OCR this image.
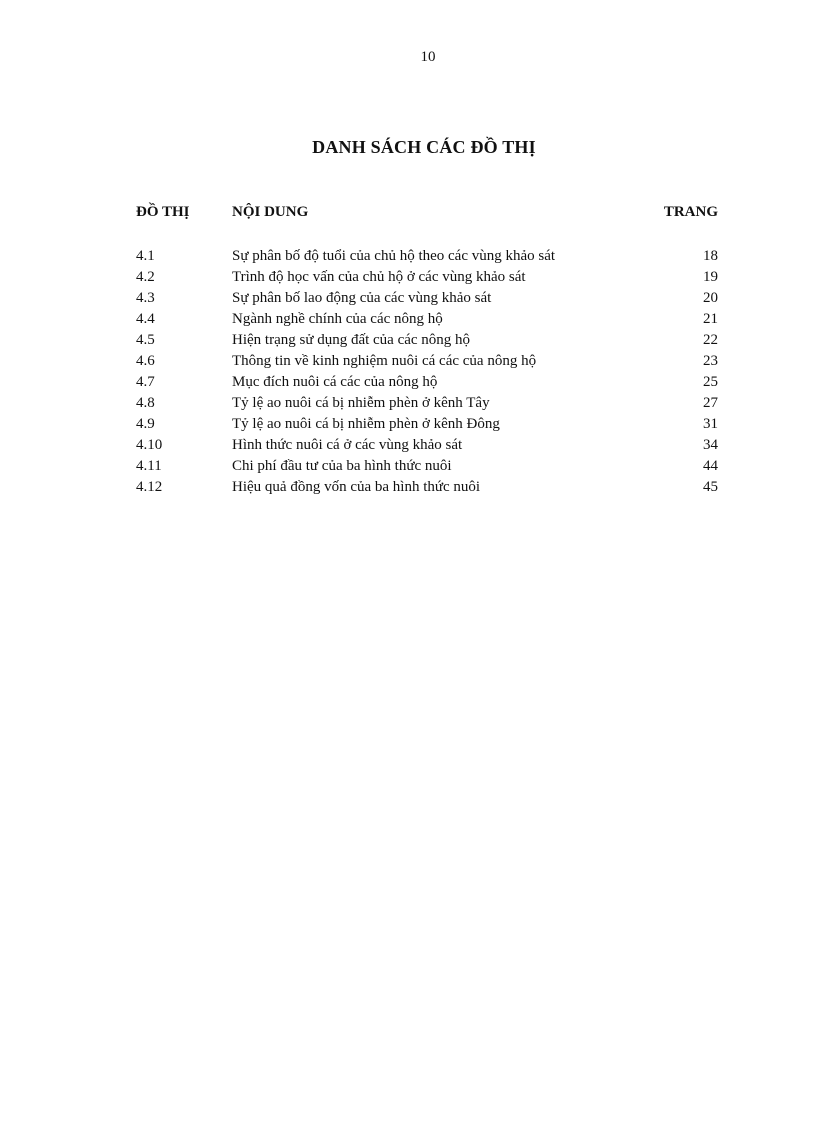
10
DANH SÁCH CÁC ĐỒ THỊ
ĐỒ THỊ	NỘI DUNG	TRANG
4.1	Sự phân bố độ tuổi của chủ hộ theo các vùng khảo sát	18
4.2	Trình độ học vấn của chủ hộ ở các vùng khảo sát	19
4.3	Sự phân bố lao động của các vùng khảo sát	20
4.4	Ngành nghề chính của các nông hộ	21
4.5	Hiện trạng sử dụng đất của các nông hộ	22
4.6	Thông tin về kinh nghiệm nuôi cá các của nông hộ	23
4.7	Mục đích nuôi cá các của nông hộ	25
4.8	Tỷ lệ ao nuôi cá bị nhiễm phèn ở kênh Tây	27
4.9	Tỷ lệ ao nuôi cá bị nhiễm phèn ở kênh Đông	31
4.10	Hình thức nuôi cá ở các vùng khảo sát	34
4.11	Chi phí đầu tư của ba hình thức nuôi	44
4.12	Hiệu quả đồng vốn của ba hình thức nuôi	45
